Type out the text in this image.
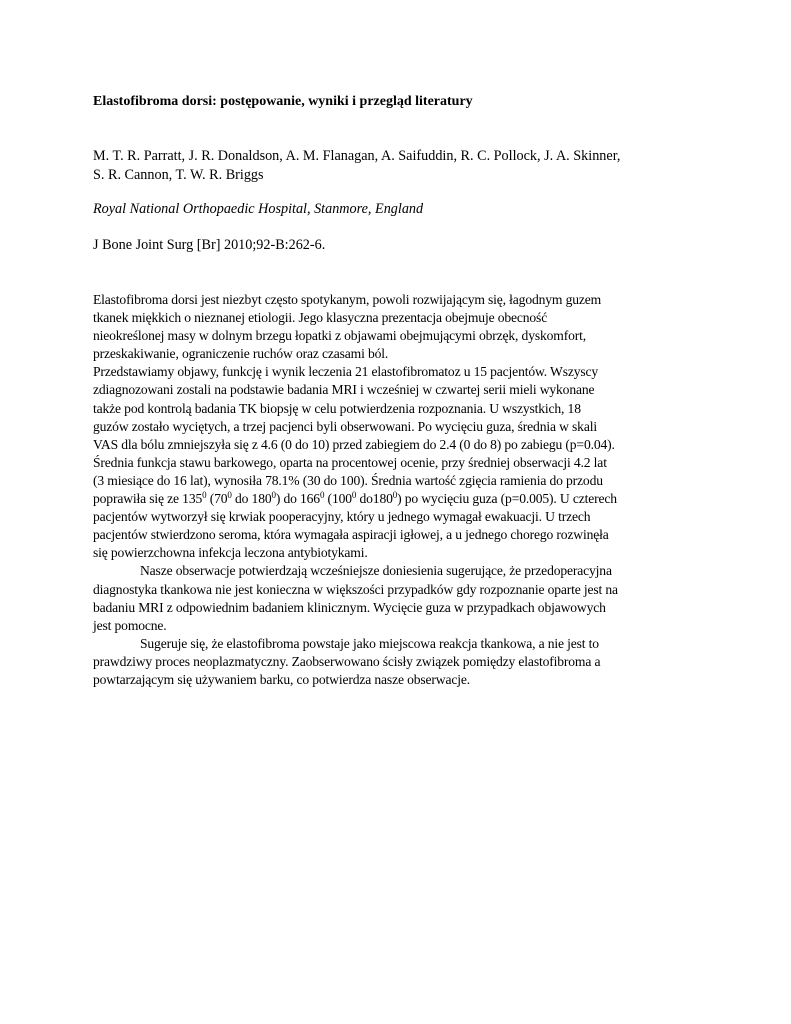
Elastofibroma dorsi: postępowanie, wyniki i przegląd literatury
M. T. R. Parratt, J. R. Donaldson, A. M. Flanagan, A. Saifuddin, R. C. Pollock, J. A. Skinner,
S. R. Cannon, T. W. R. Briggs
Royal National Orthopaedic Hospital, Stanmore, England
J Bone Joint Surg [Br] 2010;92-B:262-6.
Elastofibroma dorsi jest niezbyt często spotykanym, powoli rozwijającym się, łagodnym guzem
tkanek miękkich o nieznanej etiologii. Jego klasyczna prezentacja obejmuje obecność
nieokreślonej masy w dolnym brzegu łopatki z objawami obejmującymi obrzęk, dyskomfort,
przeskakiwanie, ograniczenie ruchów oraz czasami ból.
Przedstawiamy objawy, funkcję i wynik leczenia 21 elastofibromatoz u 15 pacjentów. Wszyscy
zdiagnozowani zostali na podstawie badania MRI i wcześniej w czwartej serii mieli wykonane
także pod kontrolą badania TK biopsję w celu potwierdzenia rozpoznania. U wszystkich, 18
guzów zostało wyciętych, a trzej pacjenci byli obserwowani. Po wycięciu guza, średnia w skali
VAS dla bólu zmniejszyła się z 4.6 (0 do 10) przed zabiegiem do 2.4 (0 do 8) po zabiegu (p=0.04).
Średnia funkcja stawu barkowego, oparta na procentowej ocenie, przy średniej obserwacji 4.2 lat
(3 miesiące do 16 lat), wynosiła 78.1% (30 do 100). Średnia wartość zgięcia ramienia do przodu
poprawiła się ze $135^0$ ($70^0$ do $180^0$) do $166^0$ ($100^0$ $do180^0$) po wycięciu guza (p=0.005). U czterech
pacjentów wytworzył się krwiak pooperacyjny, który u jednego wymagał ewakuacji. U trzech
pacjentów stwierdzono seroma, która wymagała aspiracji igłowej, a u jednego chorego rozwinęła
się powierzchowna infekcja leczona antybiotykami.
Nasze obserwacje potwierdzają wcześniejsze doniesienia sugerujące, że przedoperacyjna
diagnostyka tkankowa nie jest konieczna w większości przypadków gdy rozpoznanie oparte jest na
badaniu MRI z odpowiednim badaniem klinicznym. Wycięcie guza w przypadkach objawowych
jest pomocne.
Sugeruje się, że elastofibroma powstaje jako miejscowa reakcja tkankowa, a nie jest to
prawdziwy proces neoplazmatyczny. Zaobserwowano ścisły związek pomiędzy elastofibroma a
powtarzającym się używaniem barku, co potwierdza nasze obserwacje.
